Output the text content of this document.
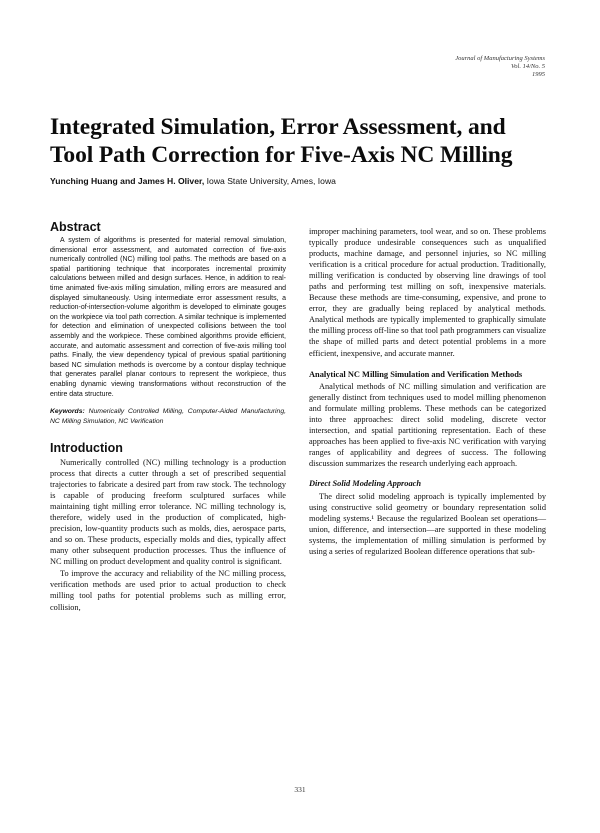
Journal of Manufacturing Systems
Vol. 14/No. 5
1995
Integrated Simulation, Error Assessment, and
Tool Path Correction for Five-Axis NC Milling
Yunching Huang and James H. Oliver, Iowa State University, Ames, Iowa
Abstract

A system of algorithms is presented for material removal simulation, dimensional error assessment, and automated correction of five-axis numerically controlled (NC) milling tool paths. The methods are based on a spatial partitioning technique that incorporates incremental proximity calculations between milled and design surfaces. Hence, in addition to real-time animated five-axis milling simulation, milling errors are measured and displayed simultaneously. Using intermediate error assessment results, a reduction-of-intersection-volume algorithm is developed to eliminate gouges on the workpiece via tool path correction. A similar technique is implemented for detection and elimination of unexpected collisions between the tool assembly and the workpiece. These combined algorithms provide efficient, accurate, and automatic assessment and correction of five-axis milling tool paths. Finally, the view dependency typical of previous spatial partitioning based NC simulation methods is overcome by a contour display technique that generates parallel planar contours to represent the workpiece, thus enabling dynamic viewing transformations without reconstruction of the entire data structure.

Keywords: Numerically Controlled Milling, Computer-Aided Manufacturing, NC Milling Simulation, NC Verification

Introduction

Numerically controlled (NC) milling technology is a production process that directs a cutter through a set of prescribed sequential trajectories to fabricate a desired part from raw stock. The technology is capable of producing freeform sculptured surfaces while maintaining tight milling error tolerance. NC milling technology is, therefore, widely used in the production of complicated, high-precision, low-quantity products such as molds, dies, aerospace parts, and so on. These products, especially molds and dies, typically affect many other subsequent production processes. Thus the influence of NC milling on product development and quality control is significant.

To improve the accuracy and reliability of the NC milling process, verification methods are used prior to actual production to check milling tool paths for potential problems such as milling error, collision,

improper machining parameters, tool wear, and so on. These problems typically produce undesirable consequences such as unqualified products, machine damage, and personnel injuries, so NC milling verification is a critical procedure for actual production. Traditionally, milling verification is conducted by observing line drawings of tool paths and performing test milling on soft, inexpensive materials. Because these methods are time-consuming, expensive, and prone to error, they are gradually being replaced by analytical methods. Analytical methods are typically implemented to graphically simulate the milling process off-line so that tool path programmers can visualize the shape of milled parts and detect potential problems in a more efficient, inexpensive, and accurate manner.

Analytical NC Milling Simulation and Verification Methods

Analytical methods of NC milling simulation and verification are generally distinct from techniques used to model milling phenomenon and formulate milling problems. These methods can be categorized into three approaches: direct solid modeling, discrete vector intersection, and spatial partitioning representation. Each of these approaches has been applied to five-axis NC verification with varying ranges of applicability and degrees of success. The following discussion summarizes the research underlying each approach.

Direct Solid Modeling Approach

The direct solid modeling approach is typically implemented by using constructive solid geometry or boundary representation solid modeling systems.¹ Because the regularized Boolean set operations—union, difference, and intersection—are supported in these modeling systems, the implementation of milling simulation is performed by using a series of regularized Boolean difference operations that sub-

331
